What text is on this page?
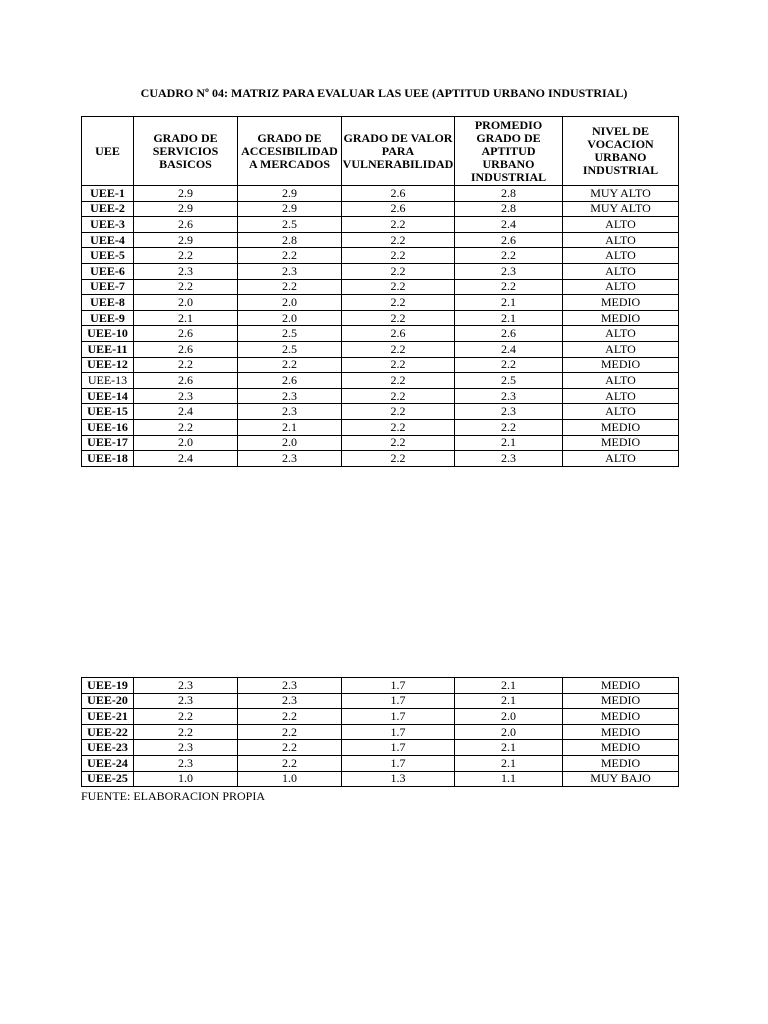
CUADRO Nº 04: MATRIZ PARA EVALUAR LAS UEE (APTITUD URBANO INDUSTRIAL)
UEE	GRADO DE SERVICIOS BASICOS	GRADO DE ACCESIBILIDAD A MERCADOS	GRADO DE VALOR PARA VULNERABILIDAD	PROMEDIO GRADO DE APTITUD URBANO INDUSTRIAL	NIVEL DE VOCACION URBANO INDUSTRIAL
UEE-1	2.9	2.9	2.6	2.8	MUY ALTO
UEE-2	2.9	2.9	2.6	2.8	MUY ALTO
UEE-3	2.6	2.5	2.2	2.4	ALTO
UEE-4	2.9	2.8	2.2	2.6	ALTO
UEE-5	2.2	2.2	2.2	2.2	ALTO
UEE-6	2.3	2.3	2.2	2.3	ALTO
UEE-7	2.2	2.2	2.2	2.2	ALTO
UEE-8	2.0	2.0	2.2	2.1	MEDIO
UEE-9	2.1	2.0	2.2	2.1	MEDIO
UEE-10	2.6	2.5	2.6	2.6	ALTO
UEE-11	2.6	2.5	2.2	2.4	ALTO
UEE-12	2.2	2.2	2.2	2.2	MEDIO
UEE-13	2.6	2.6	2.2	2.5	ALTO
UEE-14	2.3	2.3	2.2	2.3	ALTO
UEE-15	2.4	2.3	2.2	2.3	ALTO
UEE-16	2.2	2.1	2.2	2.2	MEDIO
UEE-17	2.0	2.0	2.2	2.1	MEDIO
UEE-18	2.4	2.3	2.2	2.3	ALTO
UEE-19	2.3	2.3	1.7	2.1	MEDIO
UEE-20	2.3	2.3	1.7	2.1	MEDIO
UEE-21	2.2	2.2	1.7	2.0	MEDIO
UEE-22	2.2	2.2	1.7	2.0	MEDIO
UEE-23	2.3	2.2	1.7	2.1	MEDIO
UEE-24	2.3	2.2	1.7	2.1	MEDIO
UEE-25	1.0	1.0	1.3	1.1	MUY BAJO
FUENTE: ELABORACION PROPIA
